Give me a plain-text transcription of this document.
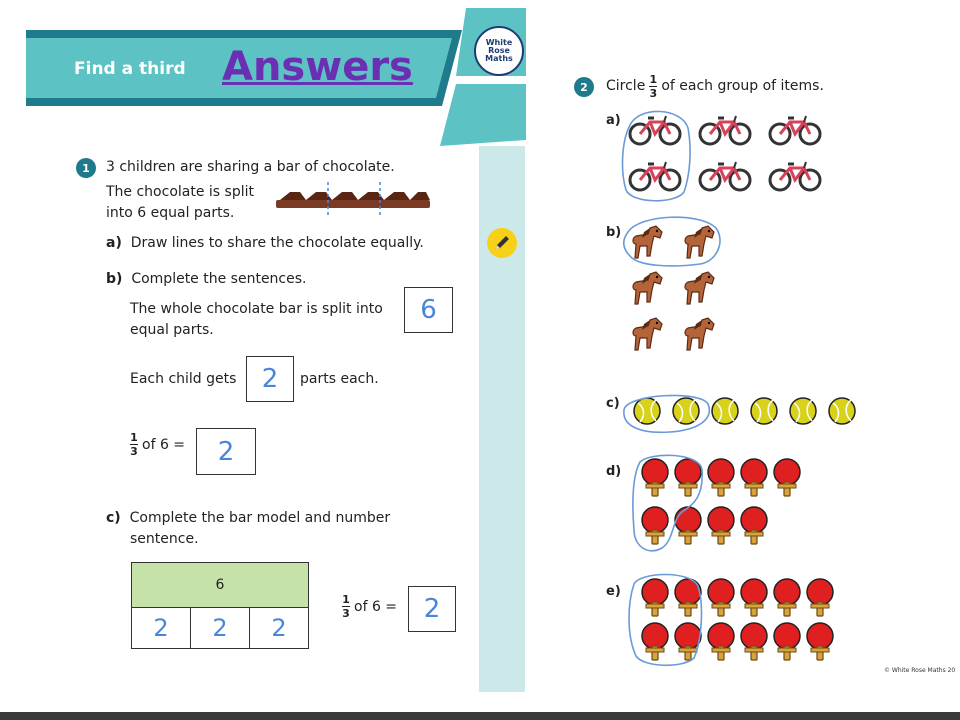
Find a third Answers
White
Rose
Maths
1	3 children are sharing a bar of chocolate.
The chocolate is split
into 6 equal parts.
a) Draw lines to share the chocolate equally.
b) Complete the sentences.
The whole chocolate bar is split into
equal parts.
6
Each child gets 2 parts each.
$\frac{1}{3}$ of 6 = 2
c) Complete the bar model and number
sentence.
6
2 2 2
$\frac{1}{3}$ of 6 = 2
2	Circle $\frac{1}{3}$ of each group of items.
a)
b)
c)
d)
e)
© White Rose Maths 20
